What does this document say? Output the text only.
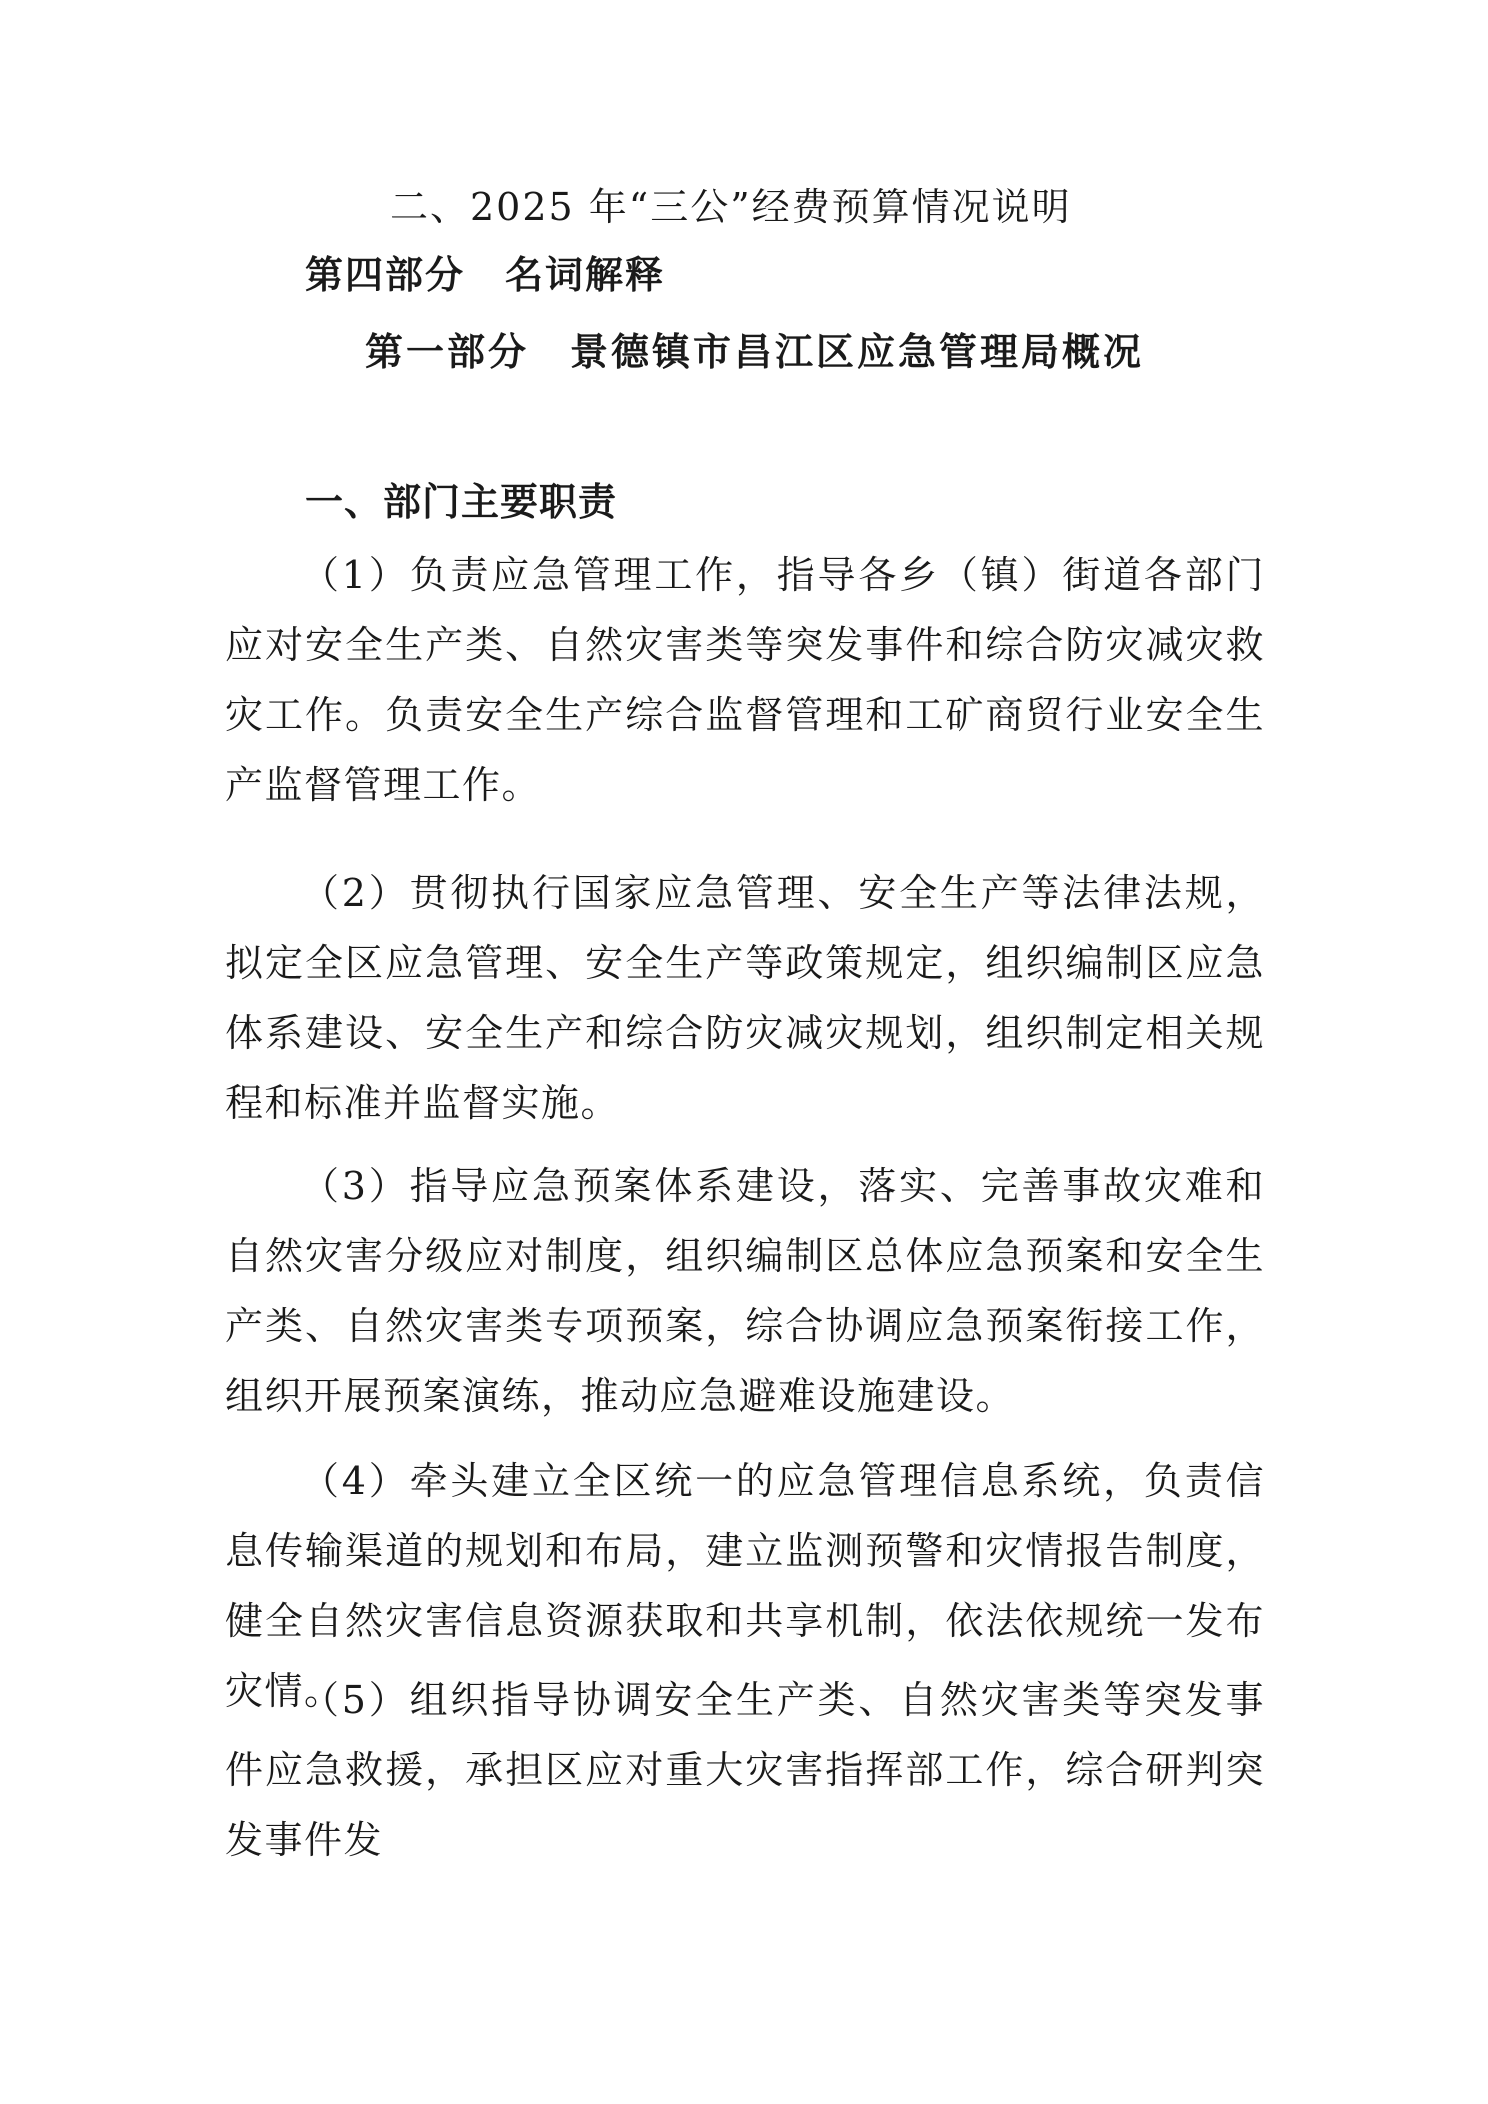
二、2025 年“三公”经费预算情况说明
第四部分　名词解释
第一部分　景德镇市昌江区应急管理局概况
一、部门主要职责

（1）负责应急管理工作，指导各乡（镇）街道各部门应对安全生产类、自然灾害类等突发事件和综合防灾减灾救灾工作。负责安全生产综合监督管理和工矿商贸行业安全生产监督管理工作。

（2）贯彻执行国家应急管理、安全生产等法律法规，拟定全区应急管理、安全生产等政策规定，组织编制区应急体系建设、安全生产和综合防灾减灾规划，组织制定相关规程和标准并监督实施。

（3）指导应急预案体系建设，落实、完善事故灾难和自然灾害分级应对制度，组织编制区总体应急预案和安全生产类、自然灾害类专项预案，综合协调应急预案衔接工作，组织开展预案演练，推动应急避难设施建设。

（4）牵头建立全区统一的应急管理信息系统，负责信息传输渠道的规划和布局，建立监测预警和灾情报告制度，健全自然灾害信息资源获取和共享机制，依法依规统一发布灾情。

（5）组织指导协调安全生产类、自然灾害类等突发事件应急救援，承担区应对重大灾害指挥部工作，综合研判突发事件发
